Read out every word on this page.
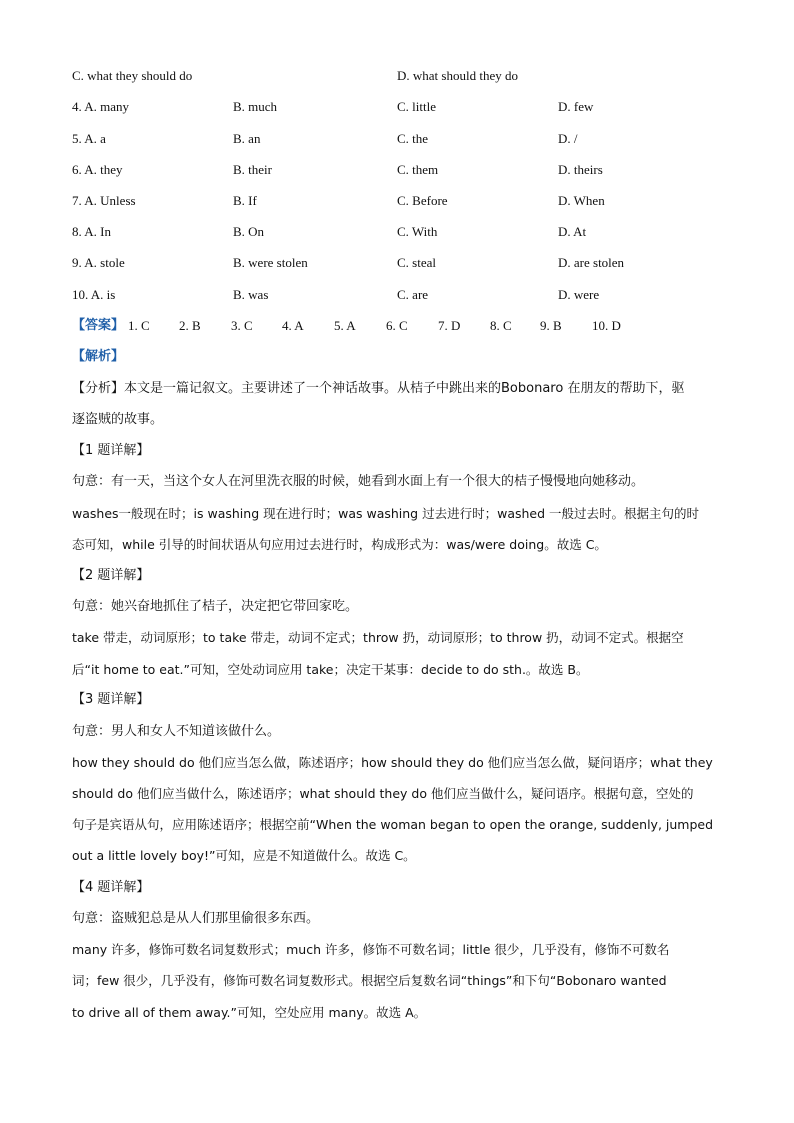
C. what they should do	D. what should they do
4. A. many	B. much	C. little	D. few
5. A. a	B. an	C. the	D. /
6. A. they	B. their	C. them	D. theirs
7. A. Unless	B. If	C. Before	D. When
8. A. In	B. On	C. With	D. At
9. A. stole	B. were stolen	C. steal	D. are stolen
10. A. is	B. was	C. are	D. were
【答案】 1. C 2. B 3. C 4. A 5. A 6. C 7. D 8. C 9. B 10. D
【解析】
【分析】本文是一篇记叙文。主要讲述了一个神话故事。从桔子中跳出来的Bobonaro 在朋友的帮助下，驱
逐盗贼的故事。
【1 题详解】
句意：有一天，当这个女人在河里洗衣服的时候，她看到水面上有一个很大的桔子慢慢地向她移动。
washes一般现在时；is washing 现在进行时；was washing 过去进行时；washed 一般过去时。根据主句的时
态可知，while 引导的时间状语从句应用过去进行时，构成形式为：was/were doing。故选 C。
【2 题详解】
句意：她兴奋地抓住了桔子，决定把它带回家吃。
take 带走，动词原形；to take 带走，动词不定式；throw 扔，动词原形；to throw 扔，动词不定式。根据空
后“it home to eat.”可知，空处动词应用 take；决定干某事：decide to do sth.。故选 B。
【3 题详解】
句意：男人和女人不知道该做什么。
how they should do 他们应当怎么做，陈述语序；how should they do 他们应当怎么做，疑问语序；what they
should do 他们应当做什么，陈述语序；what should they do 他们应当做什么，疑问语序。根据句意，空处的
句子是宾语从句，应用陈述语序；根据空前“When the woman began to open the orange, suddenly, jumped
out a little lovely boy!”可知，应是不知道做什么。故选 C。
【4 题详解】
句意：盗贼犯总是从人们那里偷很多东西。
many 许多，修饰可数名词复数形式；much 许多，修饰不可数名词；little 很少，几乎没有，修饰不可数名
词；few 很少，几乎没有，修饰可数名词复数形式。根据空后复数名词“things”和下句“Bobonaro wanted
to drive all of them away.”可知，空处应用 many。故选 A。
